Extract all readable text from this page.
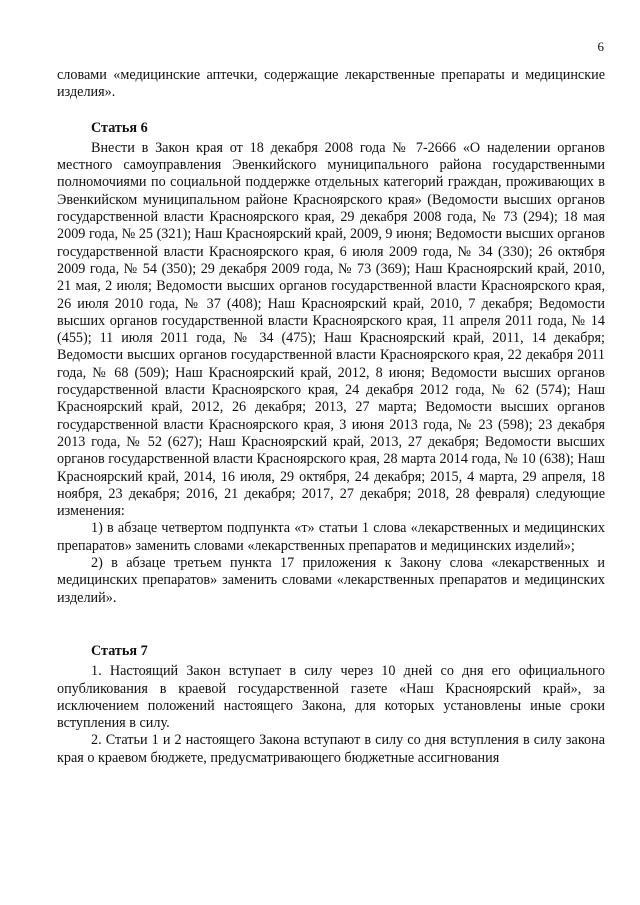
6

словами «медицинские аптечки, содержащие лекарственные препараты и медицинские изделия».

Статья 6

Внести в Закон края от 18 декабря 2008 года № 7-2666 «О наделении органов местного самоуправления Эвенкийского муниципального района государственными полномочиями по социальной поддержке отдельных категорий граждан, проживающих в Эвенкийском муниципальном районе Красноярского края» (Ведомости высших органов государственной власти Красноярского края, 29 декабря 2008 года, № 73 (294); 18 мая 2009 года, № 25 (321); Наш Красноярский край, 2009, 9 июня; Ведомости высших органов государственной власти Красноярского края, 6 июля 2009 года, № 34 (330); 26 октября 2009 года, № 54 (350); 29 декабря 2009 года, № 73 (369); Наш Красноярский край, 2010, 21 мая, 2 июля; Ведомости высших органов государственной власти Красноярского края, 26 июля 2010 года, № 37 (408); Наш Красноярский край, 2010, 7 декабря; Ведомости высших органов государственной власти Красноярского края, 11 апреля 2011 года, № 14 (455); 11 июля 2011 года, № 34 (475); Наш Красноярский край, 2011, 14 декабря; Ведомости высших органов государственной власти Красноярского края, 22 декабря 2011 года, № 68 (509); Наш Красноярский край, 2012, 8 июня; Ведомости высших органов государственной власти Красноярского края, 24 декабря 2012 года, № 62 (574); Наш Красноярский край, 2012, 26 декабря; 2013, 27 марта; Ведомости высших органов государственной власти Красноярского края, 3 июня 2013 года, № 23 (598); 23 декабря 2013 года, № 52 (627); Наш Красноярский край, 2013, 27 декабря; Ведомости высших органов государственной власти Красноярского края, 28 марта 2014 года, № 10 (638); Наш Красноярский край, 2014, 16 июля, 29 октября, 24 декабря; 2015, 4 марта, 29 апреля, 18 ноября, 23 декабря; 2016, 21 декабря; 2017, 27 декабря; 2018, 28 февраля) следующие изменения:

1) в абзаце четвертом подпункта «т» статьи 1 слова «лекарственных и медицинских препаратов» заменить словами «лекарственных препаратов и медицинских изделий»;

2) в абзаце третьем пункта 17 приложения к Закону слова «лекарственных и медицинских препаратов» заменить словами «лекарственных препаратов и медицинских изделий».

Статья 7

1. Настоящий Закон вступает в силу через 10 дней со дня его официального опубликования в краевой государственной газете «Наш Красноярский край», за исключением положений настоящего Закона, для которых установлены иные сроки вступления в силу.

2. Статьи 1 и 2 настоящего Закона вступают в силу со дня вступления в силу закона края о краевом бюджете, предусматривающего бюджетные ассигнования
